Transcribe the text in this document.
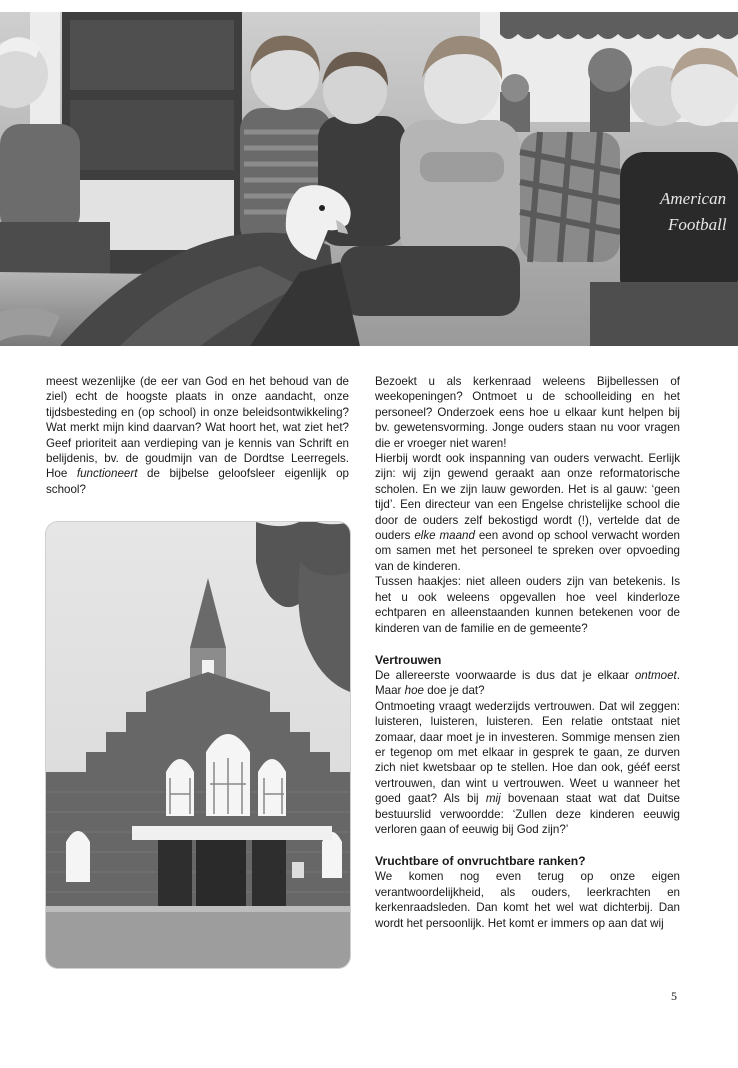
American
Football

meest wezenlijke (de eer van God en het behoud van de ziel) echt de hoogste plaats in onze aandacht, onze tijdsbesteding en (op school) in onze beleidsontwikkeling? Wat merkt mijn kind daarvan? Wat hoort het, wat ziet het? Geef prioriteit aan verdieping van je kennis van Schrift en belijdenis, bv. de goudmijn van de Dordtse Leerregels. Hoe functioneert de bijbelse geloofsleer eigenlijk op school?

Bezoekt u als kerkenraad weleens Bijbellessen of weekopeningen? Ontmoet u de schoolleiding en het personeel? Onderzoek eens hoe u elkaar kunt helpen bij bv. gewetensvorming. Jonge ouders staan nu voor vragen die er vroeger niet waren!

Hierbij wordt ook inspanning van ouders verwacht. Eerlijk zijn: wij zijn gewend geraakt aan onze reformatorische scholen. En we zijn lauw geworden. Het is al gauw: ‘geen tijd’. Een directeur van een Engelse christelijke school die door de ouders zelf bekostigd wordt (!), vertelde dat de ouders elke maand een avond op school verwacht worden om samen met het personeel te spreken over opvoeding van de kinderen.

Tussen haakjes: niet alleen ouders zijn van betekenis. Is het u ook weleens opgevallen hoe veel kinderloze echtparen en alleenstaanden kunnen betekenen voor de kinderen van de familie en de gemeente?

Vertrouwen

De allereerste voorwaarde is dus dat je elkaar ontmoet. Maar hoe doe je dat?

Ontmoeting vraagt wederzijds vertrouwen. Dat wil zeggen: luisteren, luisteren, luisteren. Een relatie ontstaat niet zomaar, daar moet je in investeren. Sommige mensen zien er tegenop om met elkaar in gesprek te gaan, ze durven zich niet kwetsbaar op te stellen. Hoe dan ook, gééf eerst vertrouwen, dan wint u vertrouwen. Weet u wanneer het goed gaat? Als bij mij bovenaan staat wat dat Duitse bestuurslid verwoordde: ‘Zullen deze kinderen eeuwig verloren gaan of eeuwig bij God zijn?’

Vruchtbare of onvruchtbare ranken?

We komen nog even terug op onze eigen verantwoordelijkheid, als ouders, leerkrachten en kerkenraadsleden. Dan komt het wel wat dichterbij. Dan wordt het persoonlijk. Het komt er immers op aan dat wij

5
